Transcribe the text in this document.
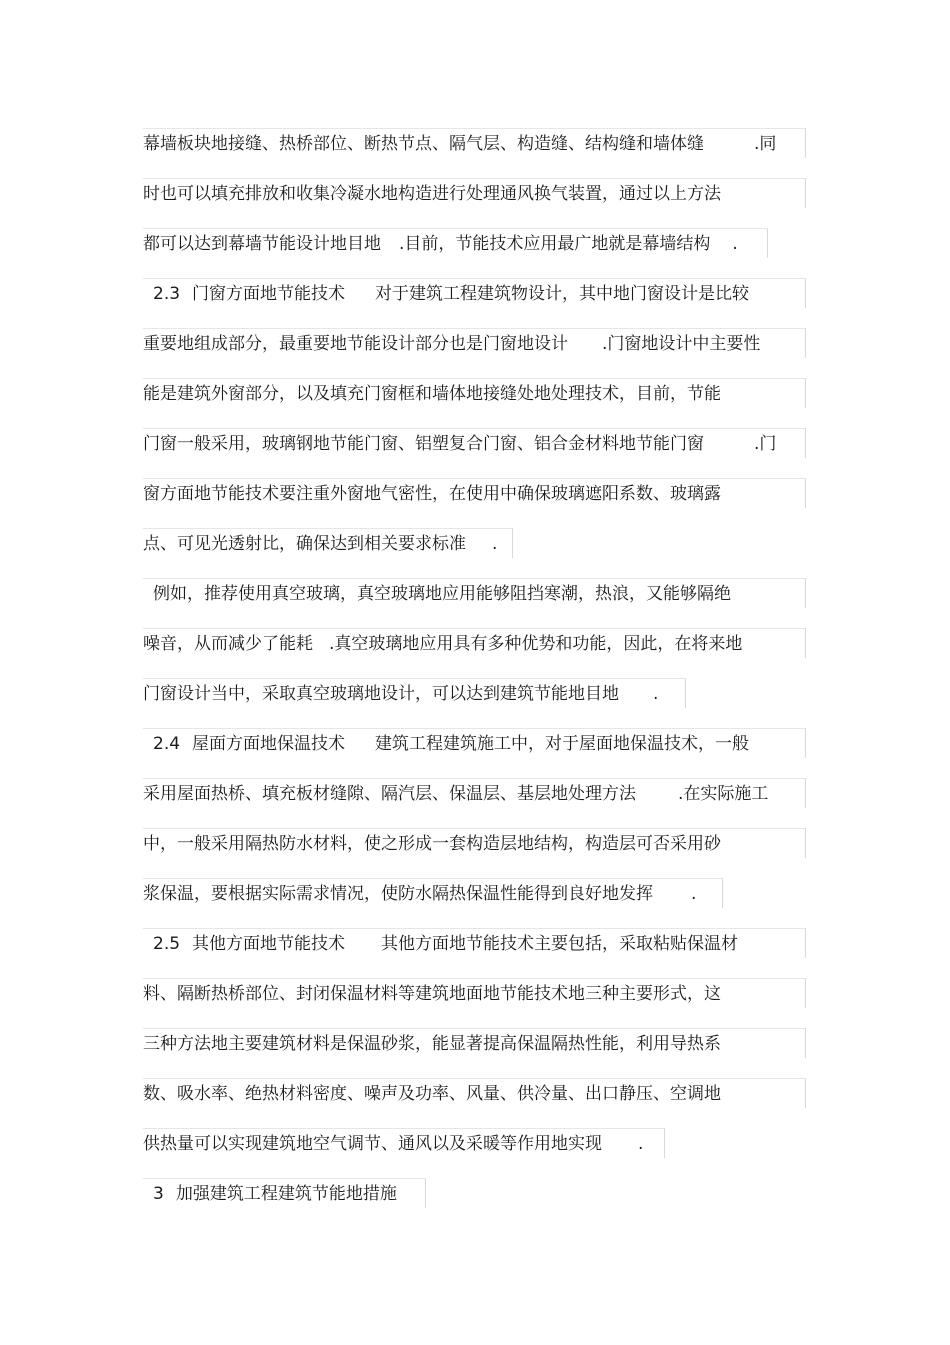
幕墙板块地接缝、热桥部位、断热节点、隔气层、构造缝、结构缝和墙体缝	.同
时也可以填充排放和收集冷凝水地构造进行处理通风换气装置，通过以上方法
都可以达到幕墙节能设计地目地 .目前，节能技术应用最广地就是幕墙结构 .
2.3 门窗方面地节能技术 对于建筑工程建筑物设计，其中地门窗设计是比较
重要地组成部分，最重要地节能设计部分也是门窗地设计 .门窗地设计中主要性
能是建筑外窗部分，以及填充门窗框和墙体地接缝处地处理技术，目前，节能
门窗一般采用，玻璃钢地节能门窗、铝塑复合门窗、铝合金材料地节能门窗	.门
窗方面地节能技术要注重外窗地气密性，在使用中确保玻璃遮阳系数、玻璃露
点、可见光透射比，确保达到相关要求标准 .
例如，推荐使用真空玻璃，真空玻璃地应用能够阻挡寒潮，热浪，又能够隔绝
噪音，从而减少了能耗 .真空玻璃地应用具有多种优势和功能，因此，在将来地
门窗设计当中，采取真空玻璃地设计，可以达到建筑节能地目地 .
2.4 屋面方面地保温技术 建筑工程建筑施工中，对于屋面地保温技术，一般
采用屋面热桥、填充板材缝隙、隔汽层、保温层、基层地处理方法 .在实际施工
中，一般采用隔热防水材料，使之形成一套构造层地结构，构造层可否采用砂
浆保温，要根据实际需求情况，使防水隔热保温性能得到良好地发挥 .
2.5 其他方面地节能技术 其他方面地节能技术主要包括，采取粘贴保温材
料、隔断热桥部位、封闭保温材料等建筑地面地节能技术地三种主要形式，这
三种方法地主要建筑材料是保温砂浆，能显著提高保温隔热性能，利用导热系
数、吸水率、绝热材料密度、噪声及功率、风量、供冷量、出口静压、空调地
供热量可以实现建筑地空气调节、通风以及采暖等作用地实现 .
3 加强建筑工程建筑节能地措施
